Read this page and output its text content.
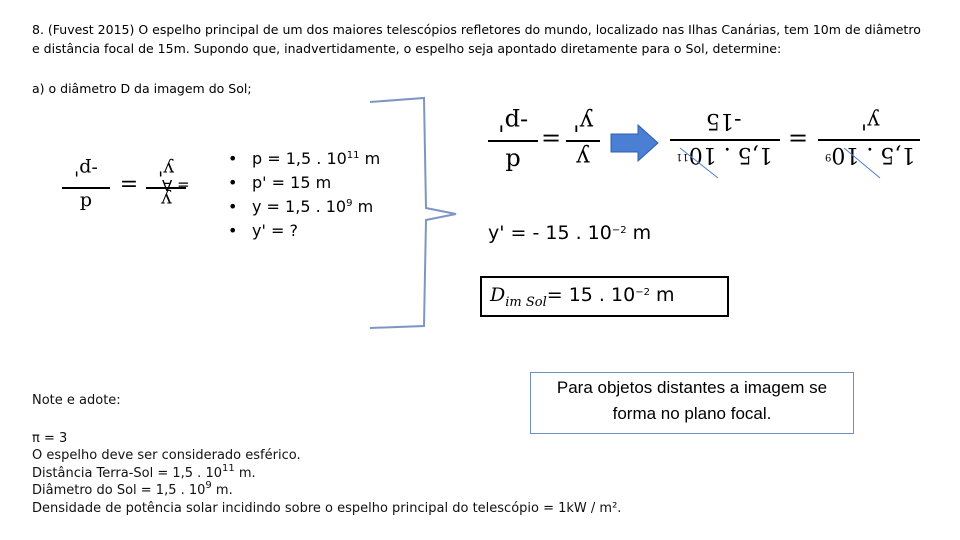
8. (Fuvest 2015) O espelho principal de um dos maiores telescópios refletores do mundo, localizado nas Ilhas Canárias, tem 10m de diâmetro e distância focal de 15m. Supondo que, inadvertidamente, o espelho seja apontado diretamente para o Sol, determine:
a) o diâmetro D da imagem do Sol;
-p'
p
=
y'
y
= A
• p = 1,5 . $10^{11}$ m
• p' = 15 m
• y = 1,5 . $10^9$ m
• y' = ?
-p'
p
=
y'
y
-15
1,5 . $10^{11}$
=
y'
1,5 . $10^9$
y' = - 15 . $10^{-2}$ m
$D_{im Sol}= 15$ . $10^{-2}$ m
Para objetos distantes a imagem se forma no plano focal.
Note e adote:
π = 3
O espelho deve ser considerado esférico.
Distância Terra-Sol = 1,5 . $10^{11}$ m.
Diâmetro do Sol = 1,5 . $10^9$ m.
Densidade de potência solar incidindo sobre o espelho principal do telescópio = 1kW / m².
